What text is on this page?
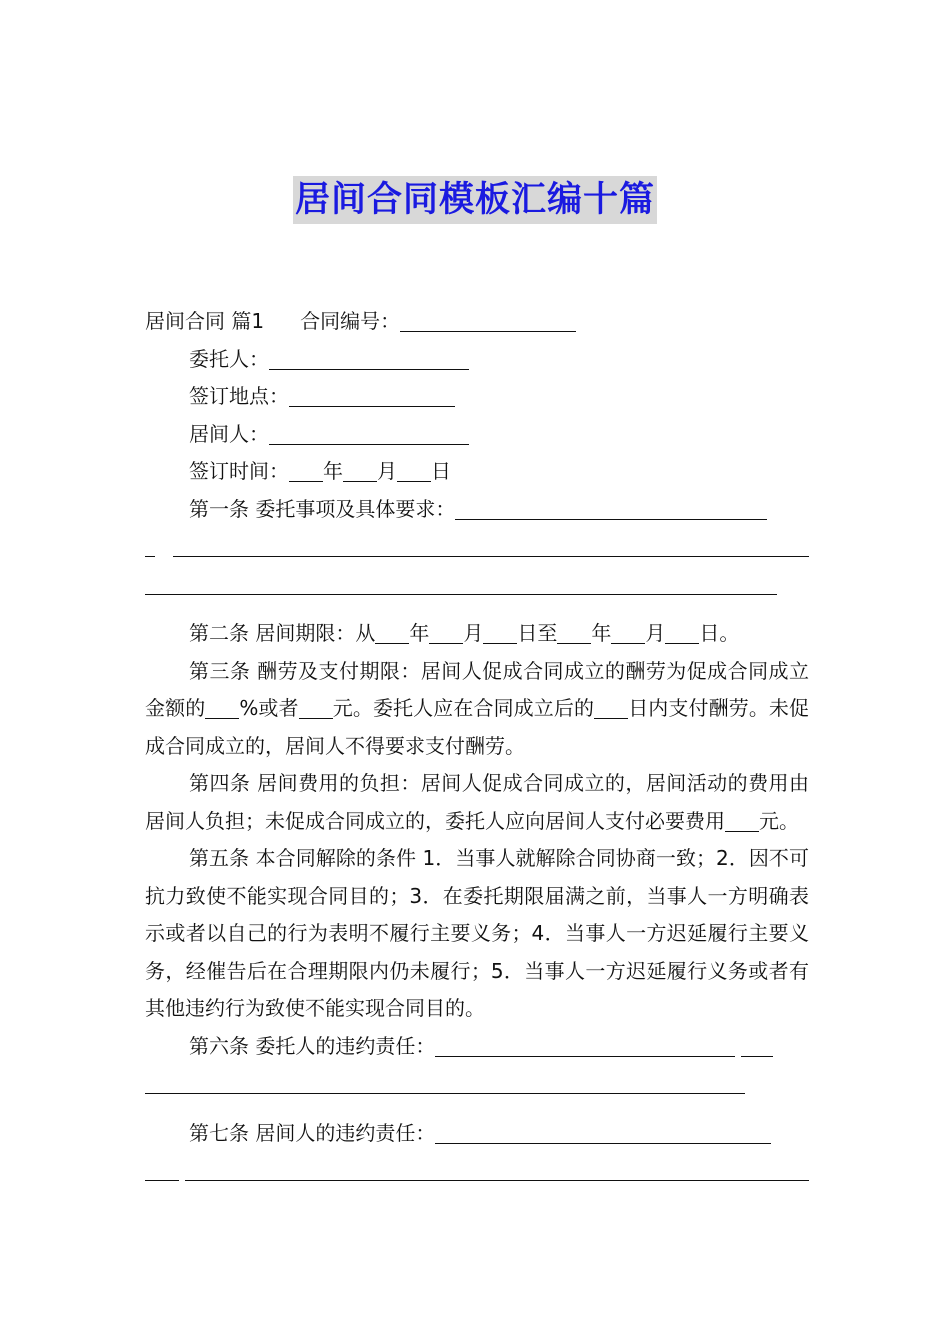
居间合同模板汇编十篇
居间合同 篇1 合同编号：
委托人：
签订地点：
居间人：
签订时间： 年 月 日
第一条 委托事项及具体要求：
第二条 居间期限：从 年 月 日至 年 月 日。
第三条 酬劳及支付期限：居间人促成合同成立的酬劳为促成合同成立金额的 %或者 元。委托人应在合同成立后的 日内支付酬劳。未促成合同成立的，居间人不得要求支付酬劳。
第四条 居间费用的负担：居间人促成合同成立的，居间活动的费用由居间人负担；未促成合同成立的，委托人应向居间人支付必要费用 元。
第五条 本合同解除的条件 1．当事人就解除合同协商一致；2．因不可抗力致使不能实现合同目的；3．在委托期限届满之前，当事人一方明确表示或者以自己的行为表明不履行主要义务；4．当事人一方迟延履行主要义务，经催告后在合理期限内仍未履行；5．当事人一方迟延履行义务或者有其他违约行为致使不能实现合同目的。
第六条 委托人的违约责任：
第七条 居间人的违约责任：
